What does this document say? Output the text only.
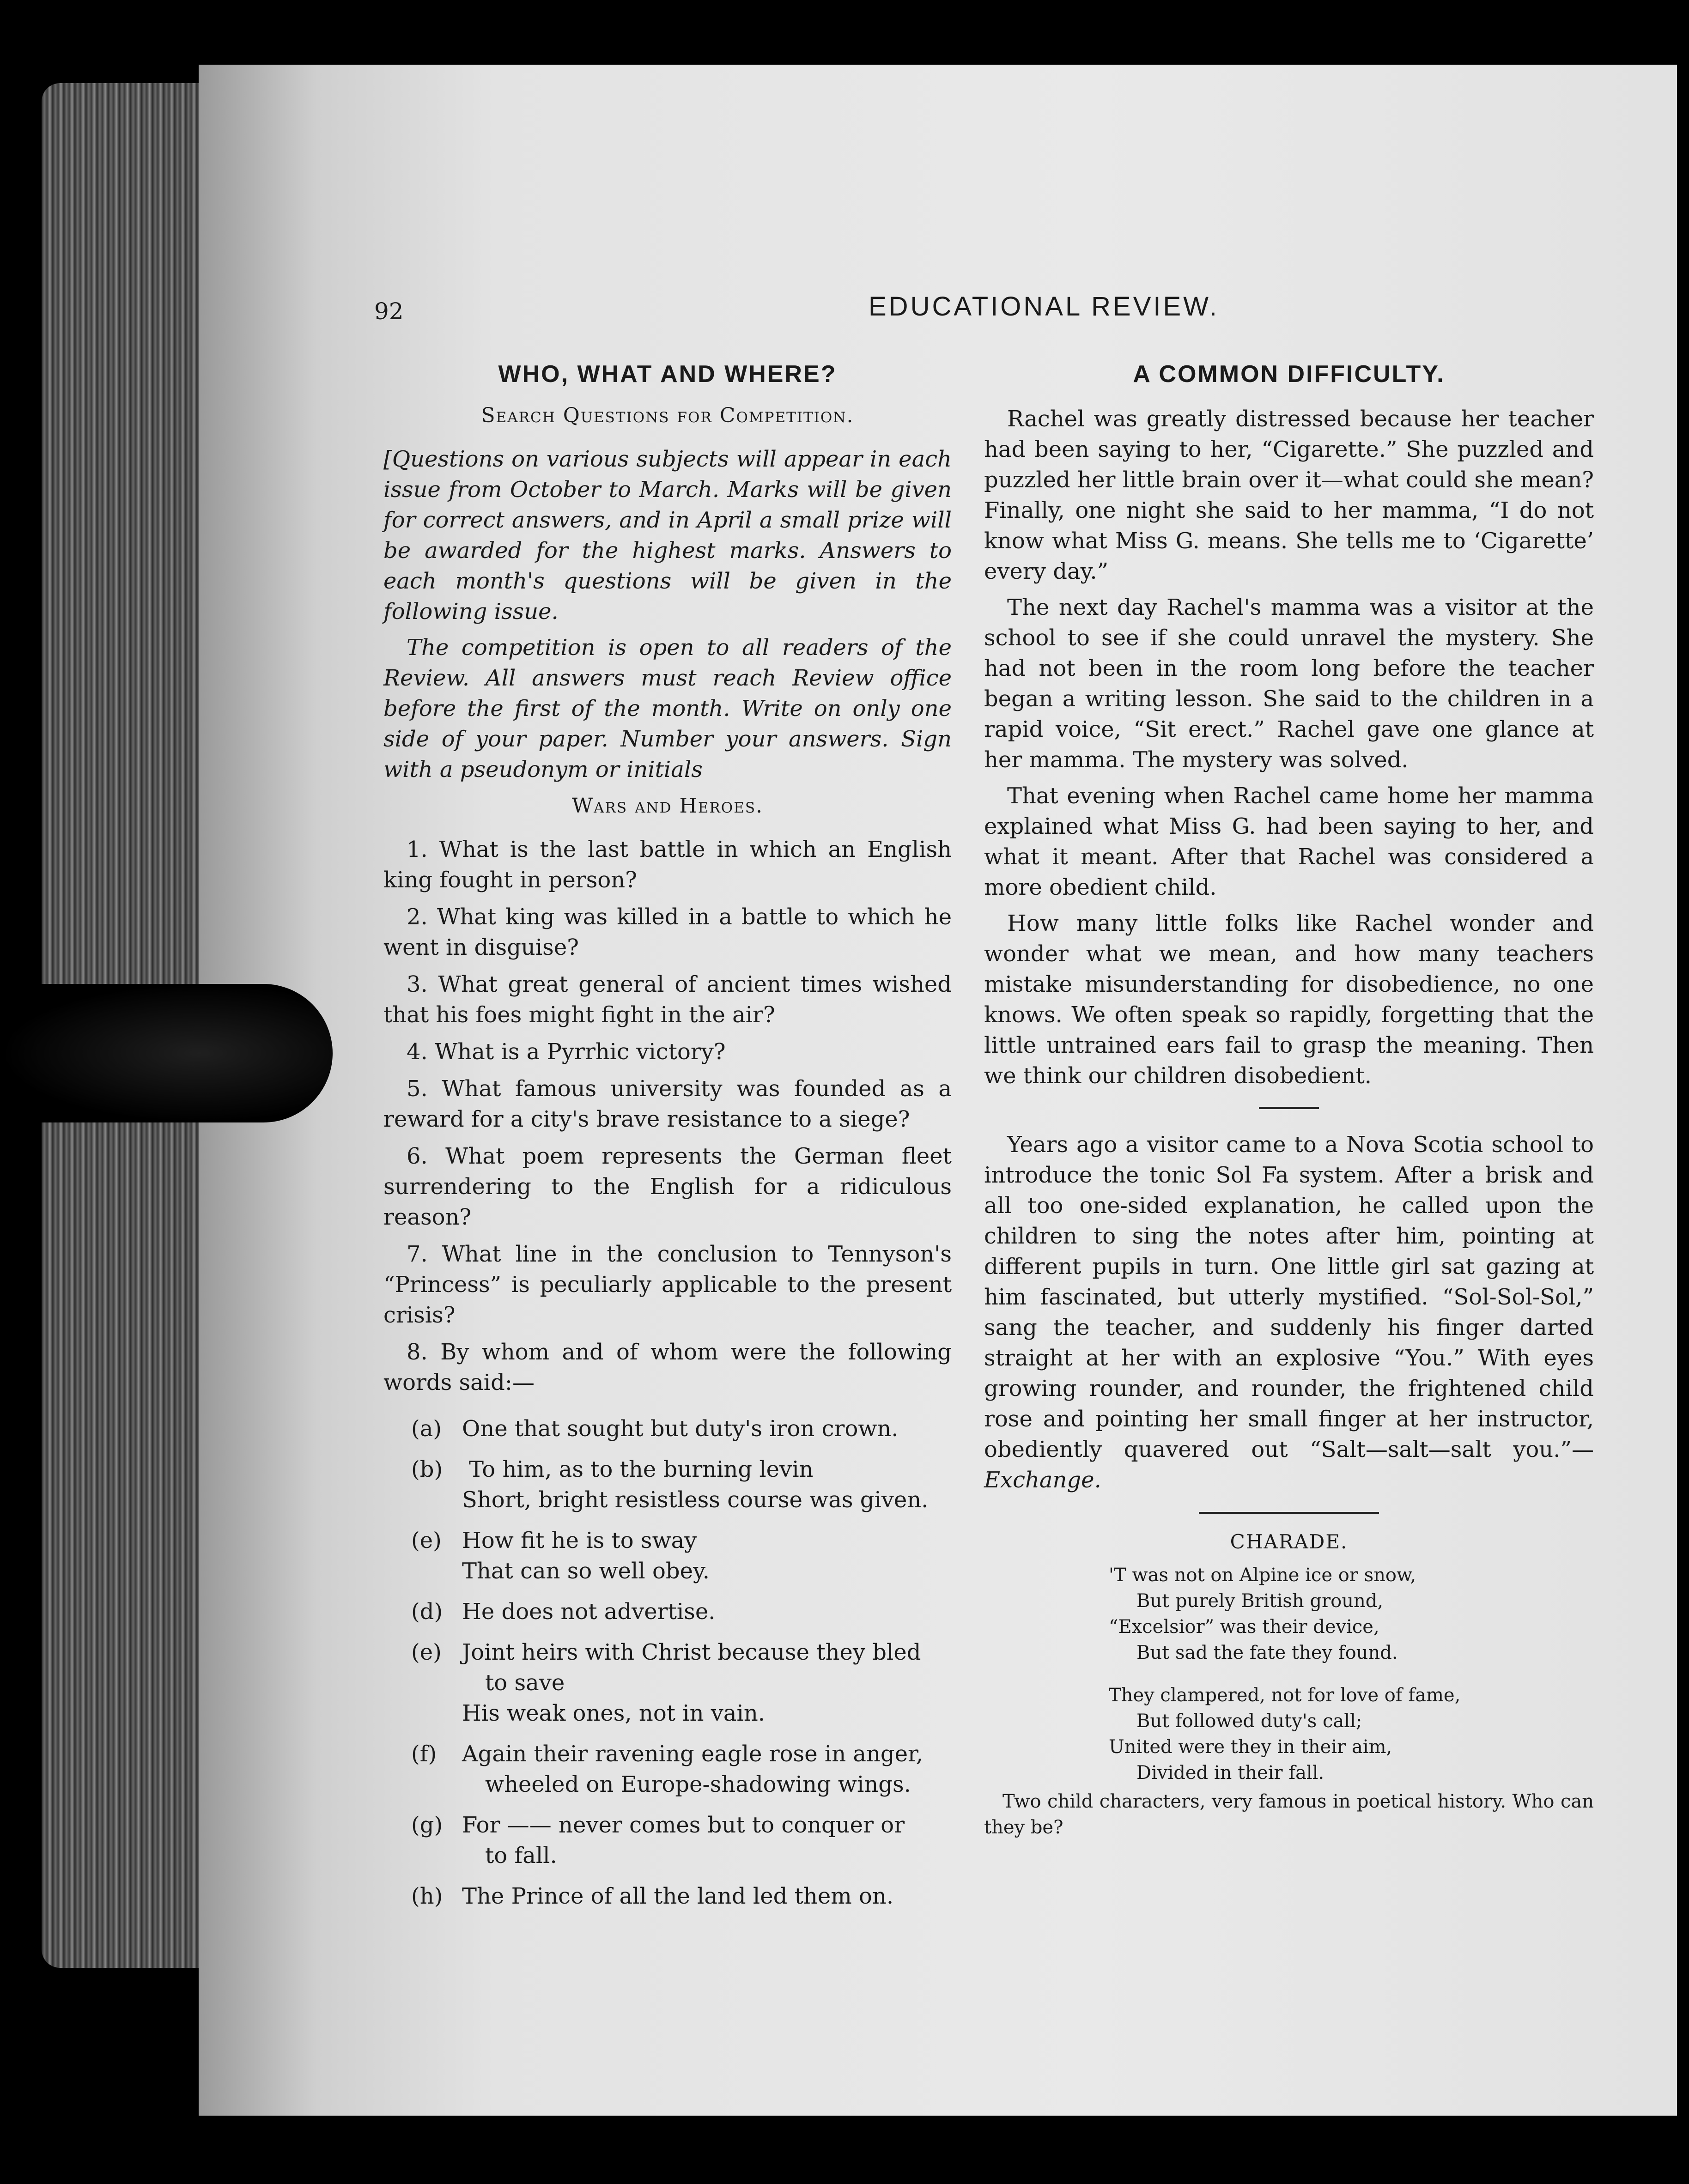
92	EDUCATIONAL REVIEW.
WHO, WHAT AND WHERE?
Search Questions for Competition.

[Questions on various subjects will appear in each issue from October to March. Marks will be given for correct answers, and in April a small prize will be awarded for the highest marks. Answers to each month's questions will be given in the following issue.

The competition is open to all readers of the Review. All answers must reach Review office before the first of the month. Write on only one side of your paper. Number your answers. Sign with a pseudonym or initials

Wars and Heroes.

1. What is the last battle in which an English king fought in person?

2. What king was killed in a battle to which he went in disguise?

3. What great general of ancient times wished that his foes might fight in the air?

4. What is a Pyrrhic victory?

5. What famous university was founded as a reward for a city's brave resistance to a siege?

6. What poem represents the German fleet surrendering to the English for a ridiculous reason?

7. What line in the conclusion to Tennyson's “Princess” is peculiarly applicable to the present crisis?

8. By whom and of whom were the following words said:—

(a) One that sought but duty's iron crown.
(b)	To him, as to the burning levin
Short, bright resistless course was given.
(e) How fit he is to sway
That can so well obey.
(d) He does not advertise.
(e) Joint heirs with Christ because they bled
to save
His weak ones, not in vain.
(f)	Again their ravening eagle rose in anger,
wheeled on Europe-shadowing wings.
(g) For —— never comes but to conquer or
to fall.
(h) The Prince of all the land led them on.
A COMMON DIFFICULTY.

Rachel was greatly distressed because her teacher had been saying to her, “Cigarette.” She puzzled and puzzled her little brain over it—what could she mean? Finally, one night she said to her mamma, “I do not know what Miss G. means. She tells me to ‘Cigarette’ every day.”

The next day Rachel's mamma was a visitor at the school to see if she could unravel the mystery. She had not been in the room long before the teacher began a writing lesson. She said to the children in a rapid voice, “Sit erect.” Rachel gave one glance at her mamma. The mystery was solved.

That evening when Rachel came home her mamma explained what Miss G. had been saying to her, and what it meant. After that Rachel was considered a more obedient child.

How many little folks like Rachel wonder and wonder what we mean, and how many teachers mistake misunderstanding for disobedience, no one knows. We often speak so rapidly, forgetting that the little untrained ears fail to grasp the meaning. Then we think our children disobedient.

Years ago a visitor came to a Nova Scotia school to introduce the tonic Sol Fa system. After a brisk and all too one-sided explanation, he called upon the children to sing the notes after him, pointing at different pupils in turn. One little girl sat gazing at him fascinated, but utterly mystified. “Sol-Sol-Sol,” sang the teacher, and suddenly his finger darted straight at her with an explosive “You.” With eyes growing rounder, and rounder, the frightened child rose and pointing her small finger at her instructor, obediently quavered out “Salt—salt—salt you.”—Exchange.

CHARADE.
'T was not on Alpine ice or snow,
But purely British ground,
“Excelsior” was their device,
But sad the fate they found.
They clampered, not for love of fame,
But followed duty's call;
United were they in their aim,
Divided in their fall.

Two child characters, very famous in poetical history. Who can they be?
